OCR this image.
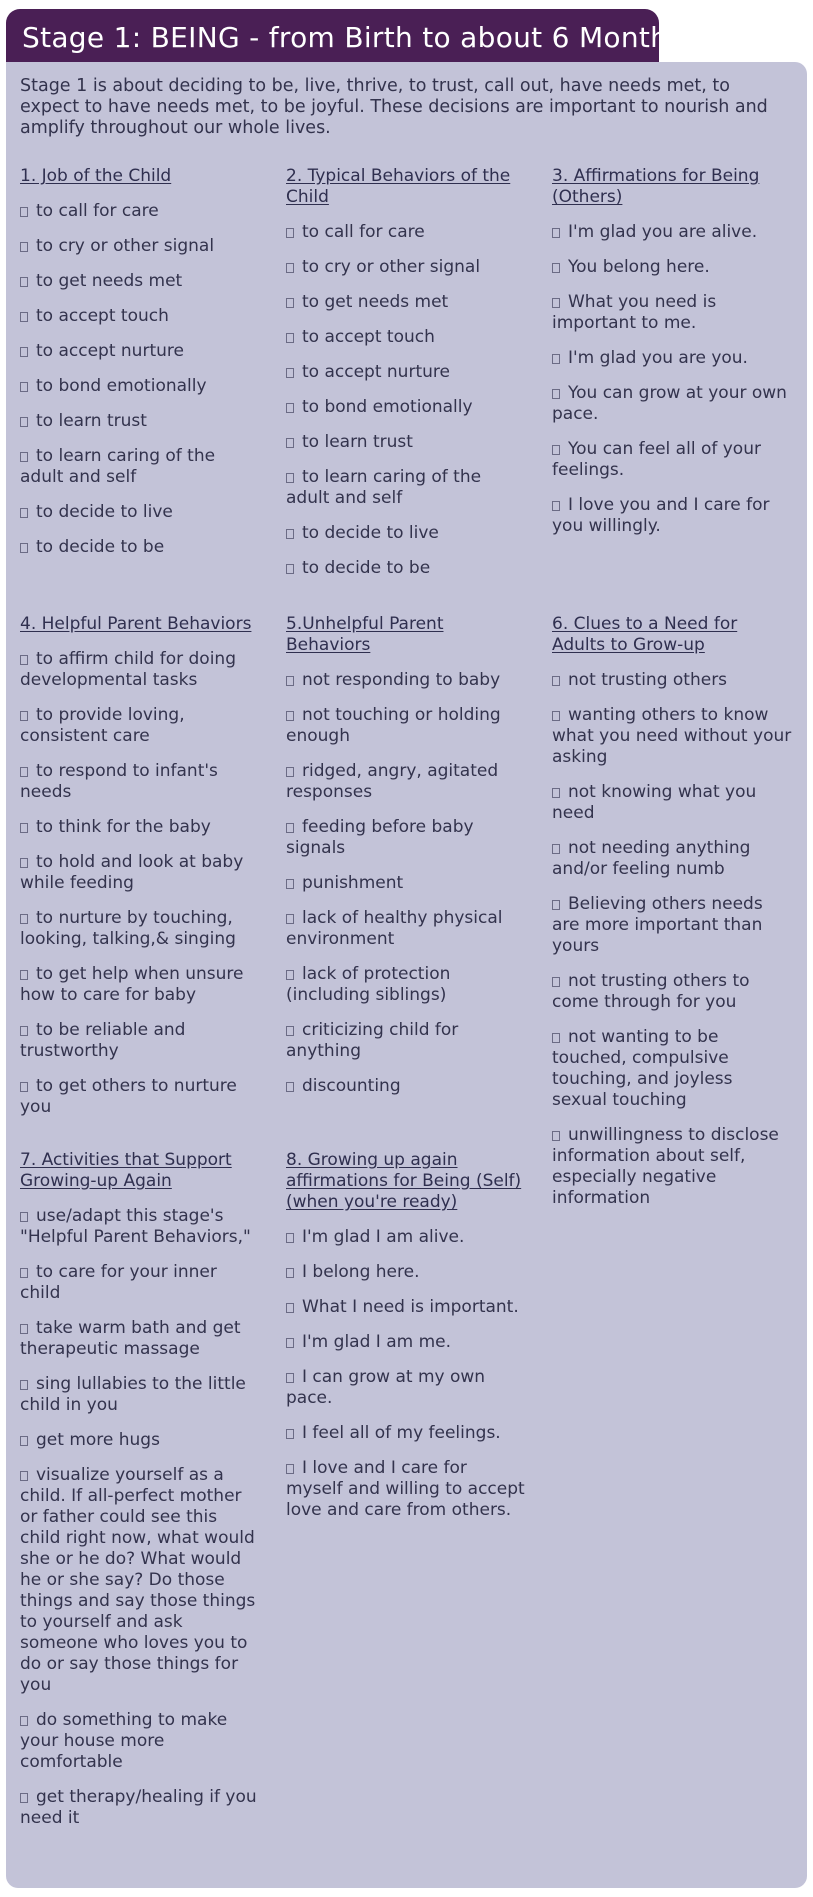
Stage 1: BEING - from Birth to about 6 Months
Stage 1 is about deciding to be, live, thrive, to trust, call out, have needs met, to expect to have needs met, to be joyful. These decisions are important to nourish and amplify throughout our whole lives.
1. Job of the Child
to call for care
to cry or other signal
to get needs met
to accept touch
to accept nurture
to bond emotionally
to learn trust
to learn caring of the adult and self
to decide to live
to decide to be
2. Typical Behaviors of the Child
to call for care
to cry or other signal
to get needs met
to accept touch
to accept nurture
to bond emotionally
to learn trust
to learn caring of the adult and self
to decide to live
to decide to be
3. Affirmations for Being (Others)
I'm glad you are alive.
You belong here.
What you need is important to me.
I'm glad you are you.
You can grow at your own pace.
You can feel all of your feelings.
I love you and I care for you willingly.
4. Helpful Parent Behaviors
to affirm child for doing developmental tasks
to provide loving, consistent care
to respond to infant's needs
to think for the baby
to hold and look at baby while feeding
to nurture by touching, looking, talking,& singing
to get help when unsure how to care for baby
to be reliable and trustworthy
to get others to nurture you
5.Unhelpful Parent Behaviors
not responding to baby
not touching or holding enough
ridged, angry, agitated responses
feeding before baby signals
punishment
lack of healthy physical environment
lack of protection (including siblings)
criticizing child for anything
discounting
6. Clues to a Need for Adults to Grow-up
not trusting others
wanting others to know what you need without your asking
not knowing what you need
not needing anything and/or feeling numb
Believing others needs are more important than yours
not trusting others to come through for you
not wanting to be touched, compulsive touching, and joyless sexual touching
unwillingness to disclose information about self, especially negative information
7. Activities that Support Growing-up Again
use/adapt this stage's "Helpful Parent Behaviors,"
to care for your inner child
take warm bath and get therapeutic massage
sing lullabies to the little child in you
get more hugs
visualize yourself as a child. If all-perfect mother or father could see this child right now, what would she or he do? What would he or she say? Do those things and say those things to yourself and ask someone who loves you to do or say those things for you
do something to make your house more comfortable
get therapy/healing if you need it
8. Growing up again affirmations for Being (Self) (when you're ready)
I'm glad I am alive.
I belong here.
What I need is important.
I'm glad I am me.
I can grow at my own pace.
I feel all of my feelings.
I love and I care for myself and willing to accept love and care from others.
